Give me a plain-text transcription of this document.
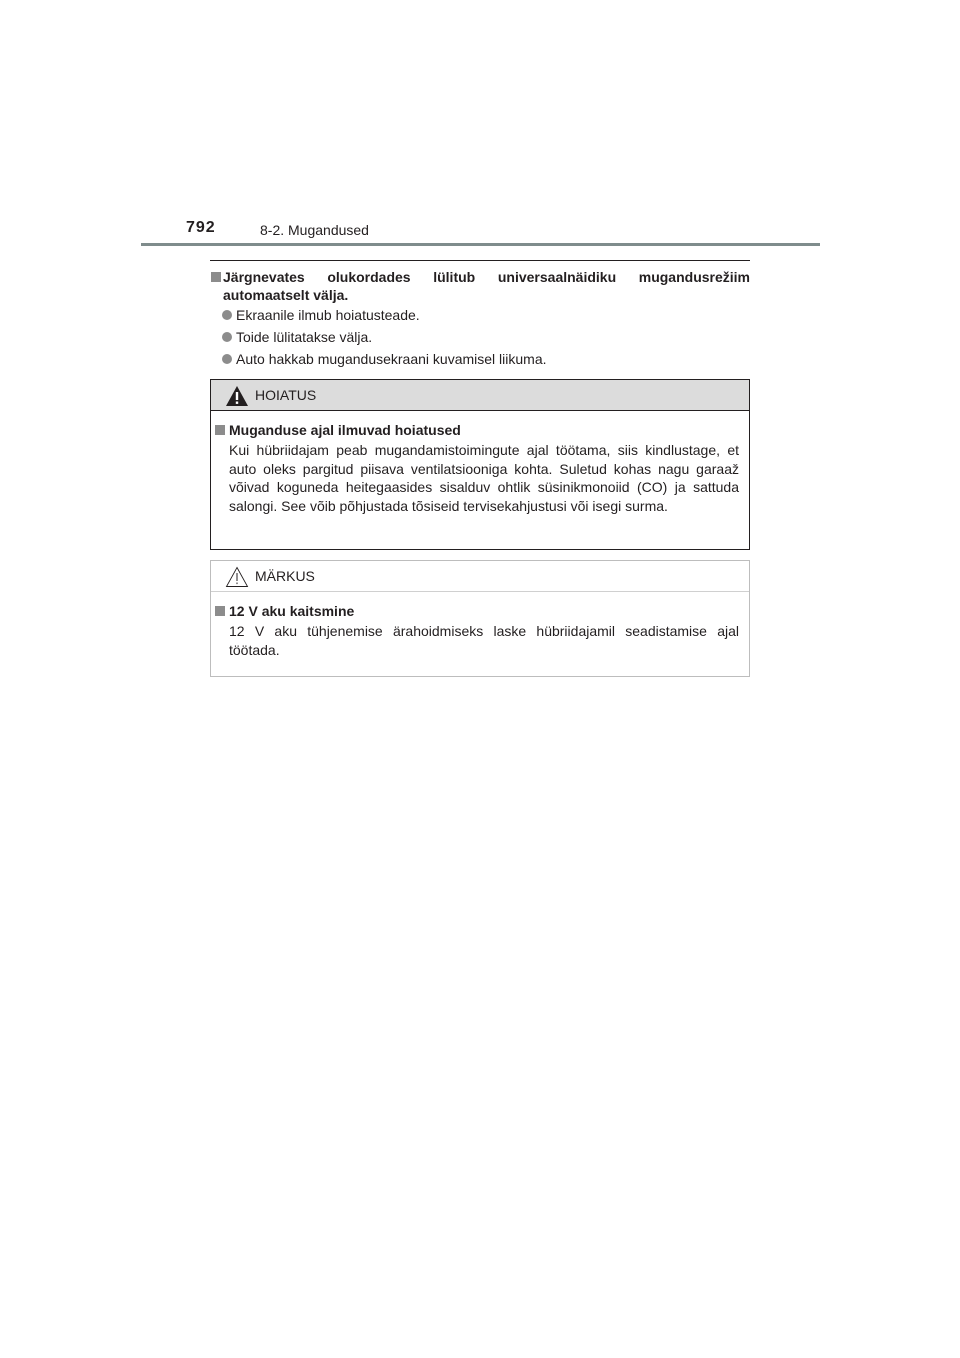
792	8-2. Mugandused
Järgnevates olukordades lülitub universaalnäidiku mugandusrežiim automaatselt välja.
Ekraanile ilmub hoiatusteade.
Toide lülitatakse välja.
Auto hakkab mugandusekraani kuvamisel liikuma.
HOIATUS
Muganduse ajal ilmuvad hoiatused

Kui hübriidajam peab mugandamistoimingute ajal töötama, siis kindlustage, et auto oleks pargitud piisava ventilatsiooniga kohta. Suletud kohas nagu garaaž võivad koguneda heitegaasides sisalduv ohtlik süsinikmonoiid (CO) ja sattuda salongi. See võib põhjustada tõsiseid tervisekahjustusi või isegi surma.

MÄRKUS
12 V aku kaitsmine

12 V aku tühjenemise ärahoidmiseks laske hübriidajamil seadistamise ajal töötada.
